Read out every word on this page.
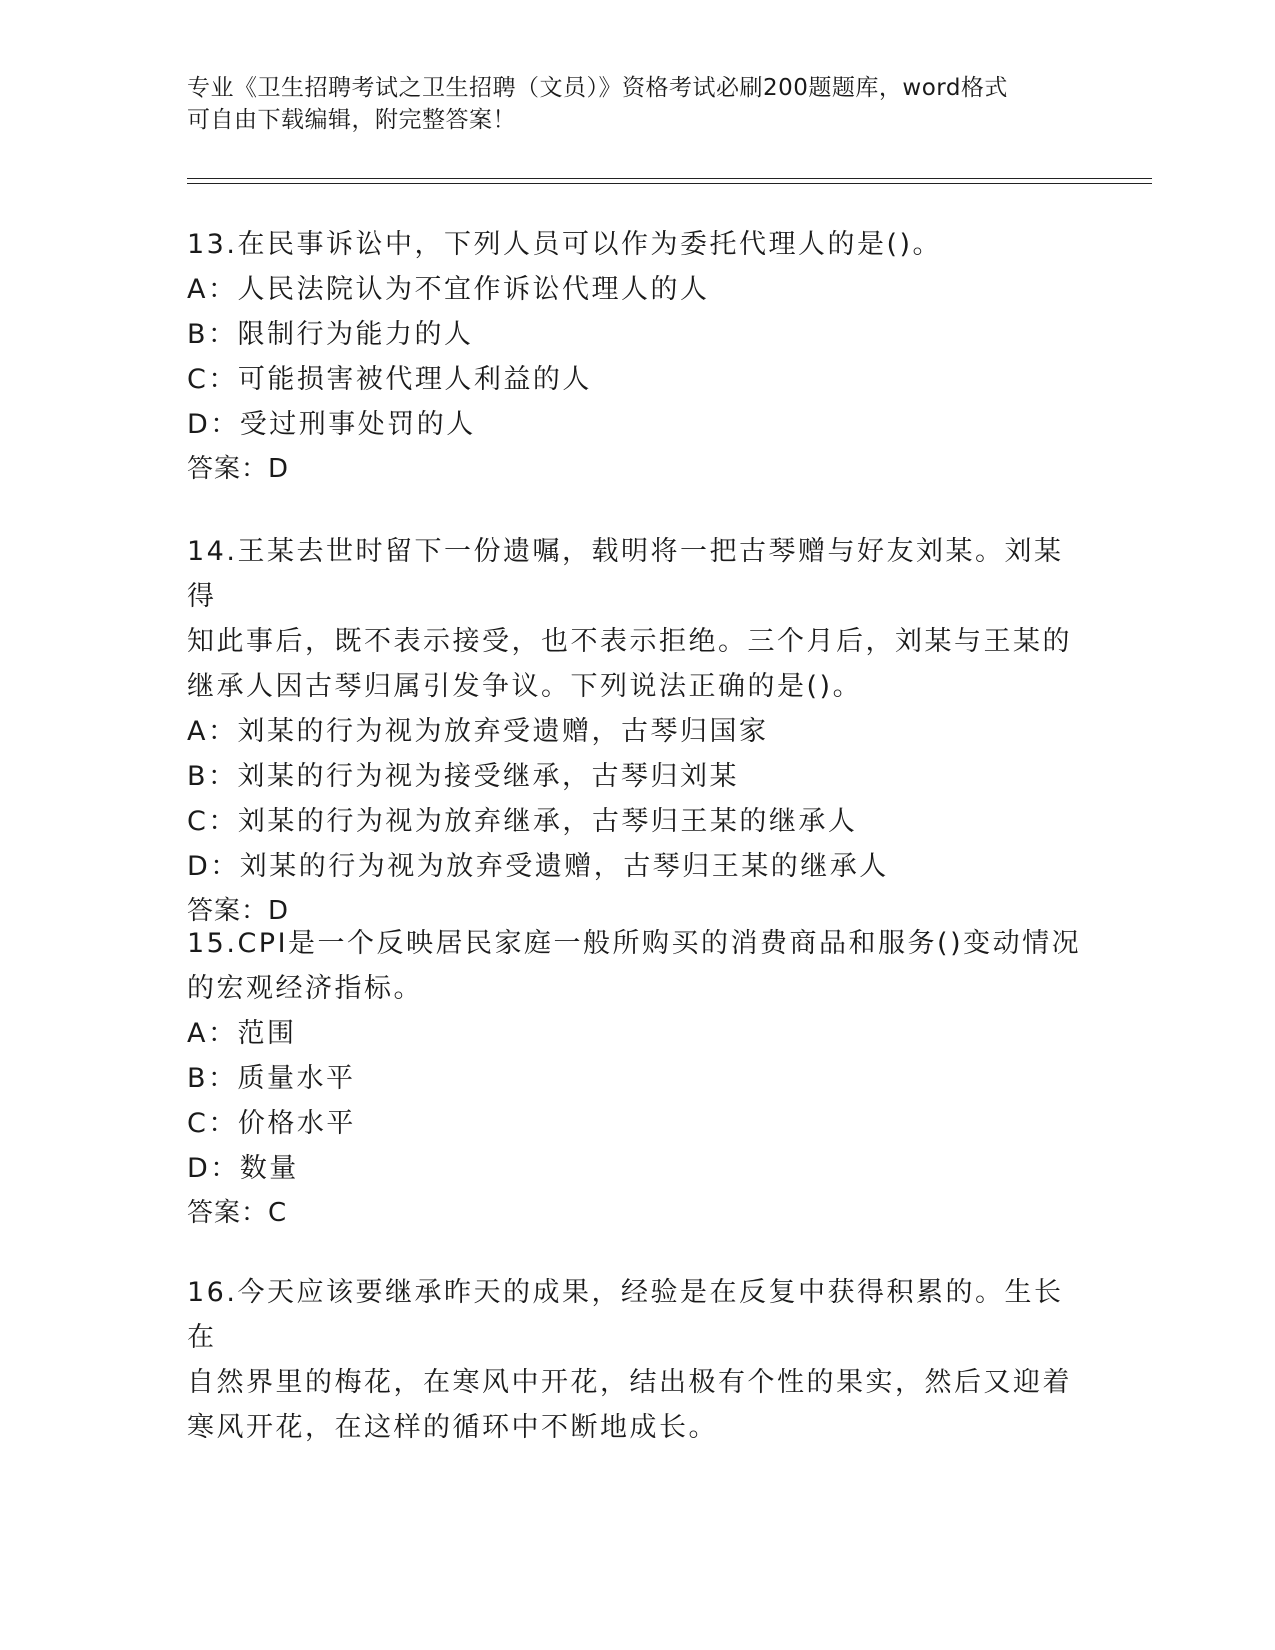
专业《卫生招聘考试之卫生招聘（文员）》资格考试必刷200题题库，word格式
可自由下载编辑，附完整答案！

13.在民事诉讼中，下列人员可以作为委托代理人的是()。

A：人民法院认为不宜作诉讼代理人的人

B：限制行为能力的人

C：可能损害被代理人利益的人

D：受过刑事处罚的人

答案：D

14.王某去世时留下一份遗嘱，载明将一把古琴赠与好友刘某。刘某得

知此事后，既不表示接受，也不表示拒绝。三个月后，刘某与王某的

继承人因古琴归属引发争议。下列说法正确的是()。

A：刘某的行为视为放弃受遗赠，古琴归国家

B：刘某的行为视为接受继承，古琴归刘某

C：刘某的行为视为放弃继承，古琴归王某的继承人

D：刘某的行为视为放弃受遗赠，古琴归王某的继承人

答案：D

15.CPI是一个反映居民家庭一般所购买的消费商品和服务()变动情况

的宏观经济指标。

A：范围

B：质量水平

C：价格水平

D：数量

答案：C

16.今天应该要继承昨天的成果，经验是在反复中获得积累的。生长在

自然界里的梅花，在寒风中开花，结出极有个性的果实，然后又迎着

寒风开花，在这样的循环中不断地成长。
